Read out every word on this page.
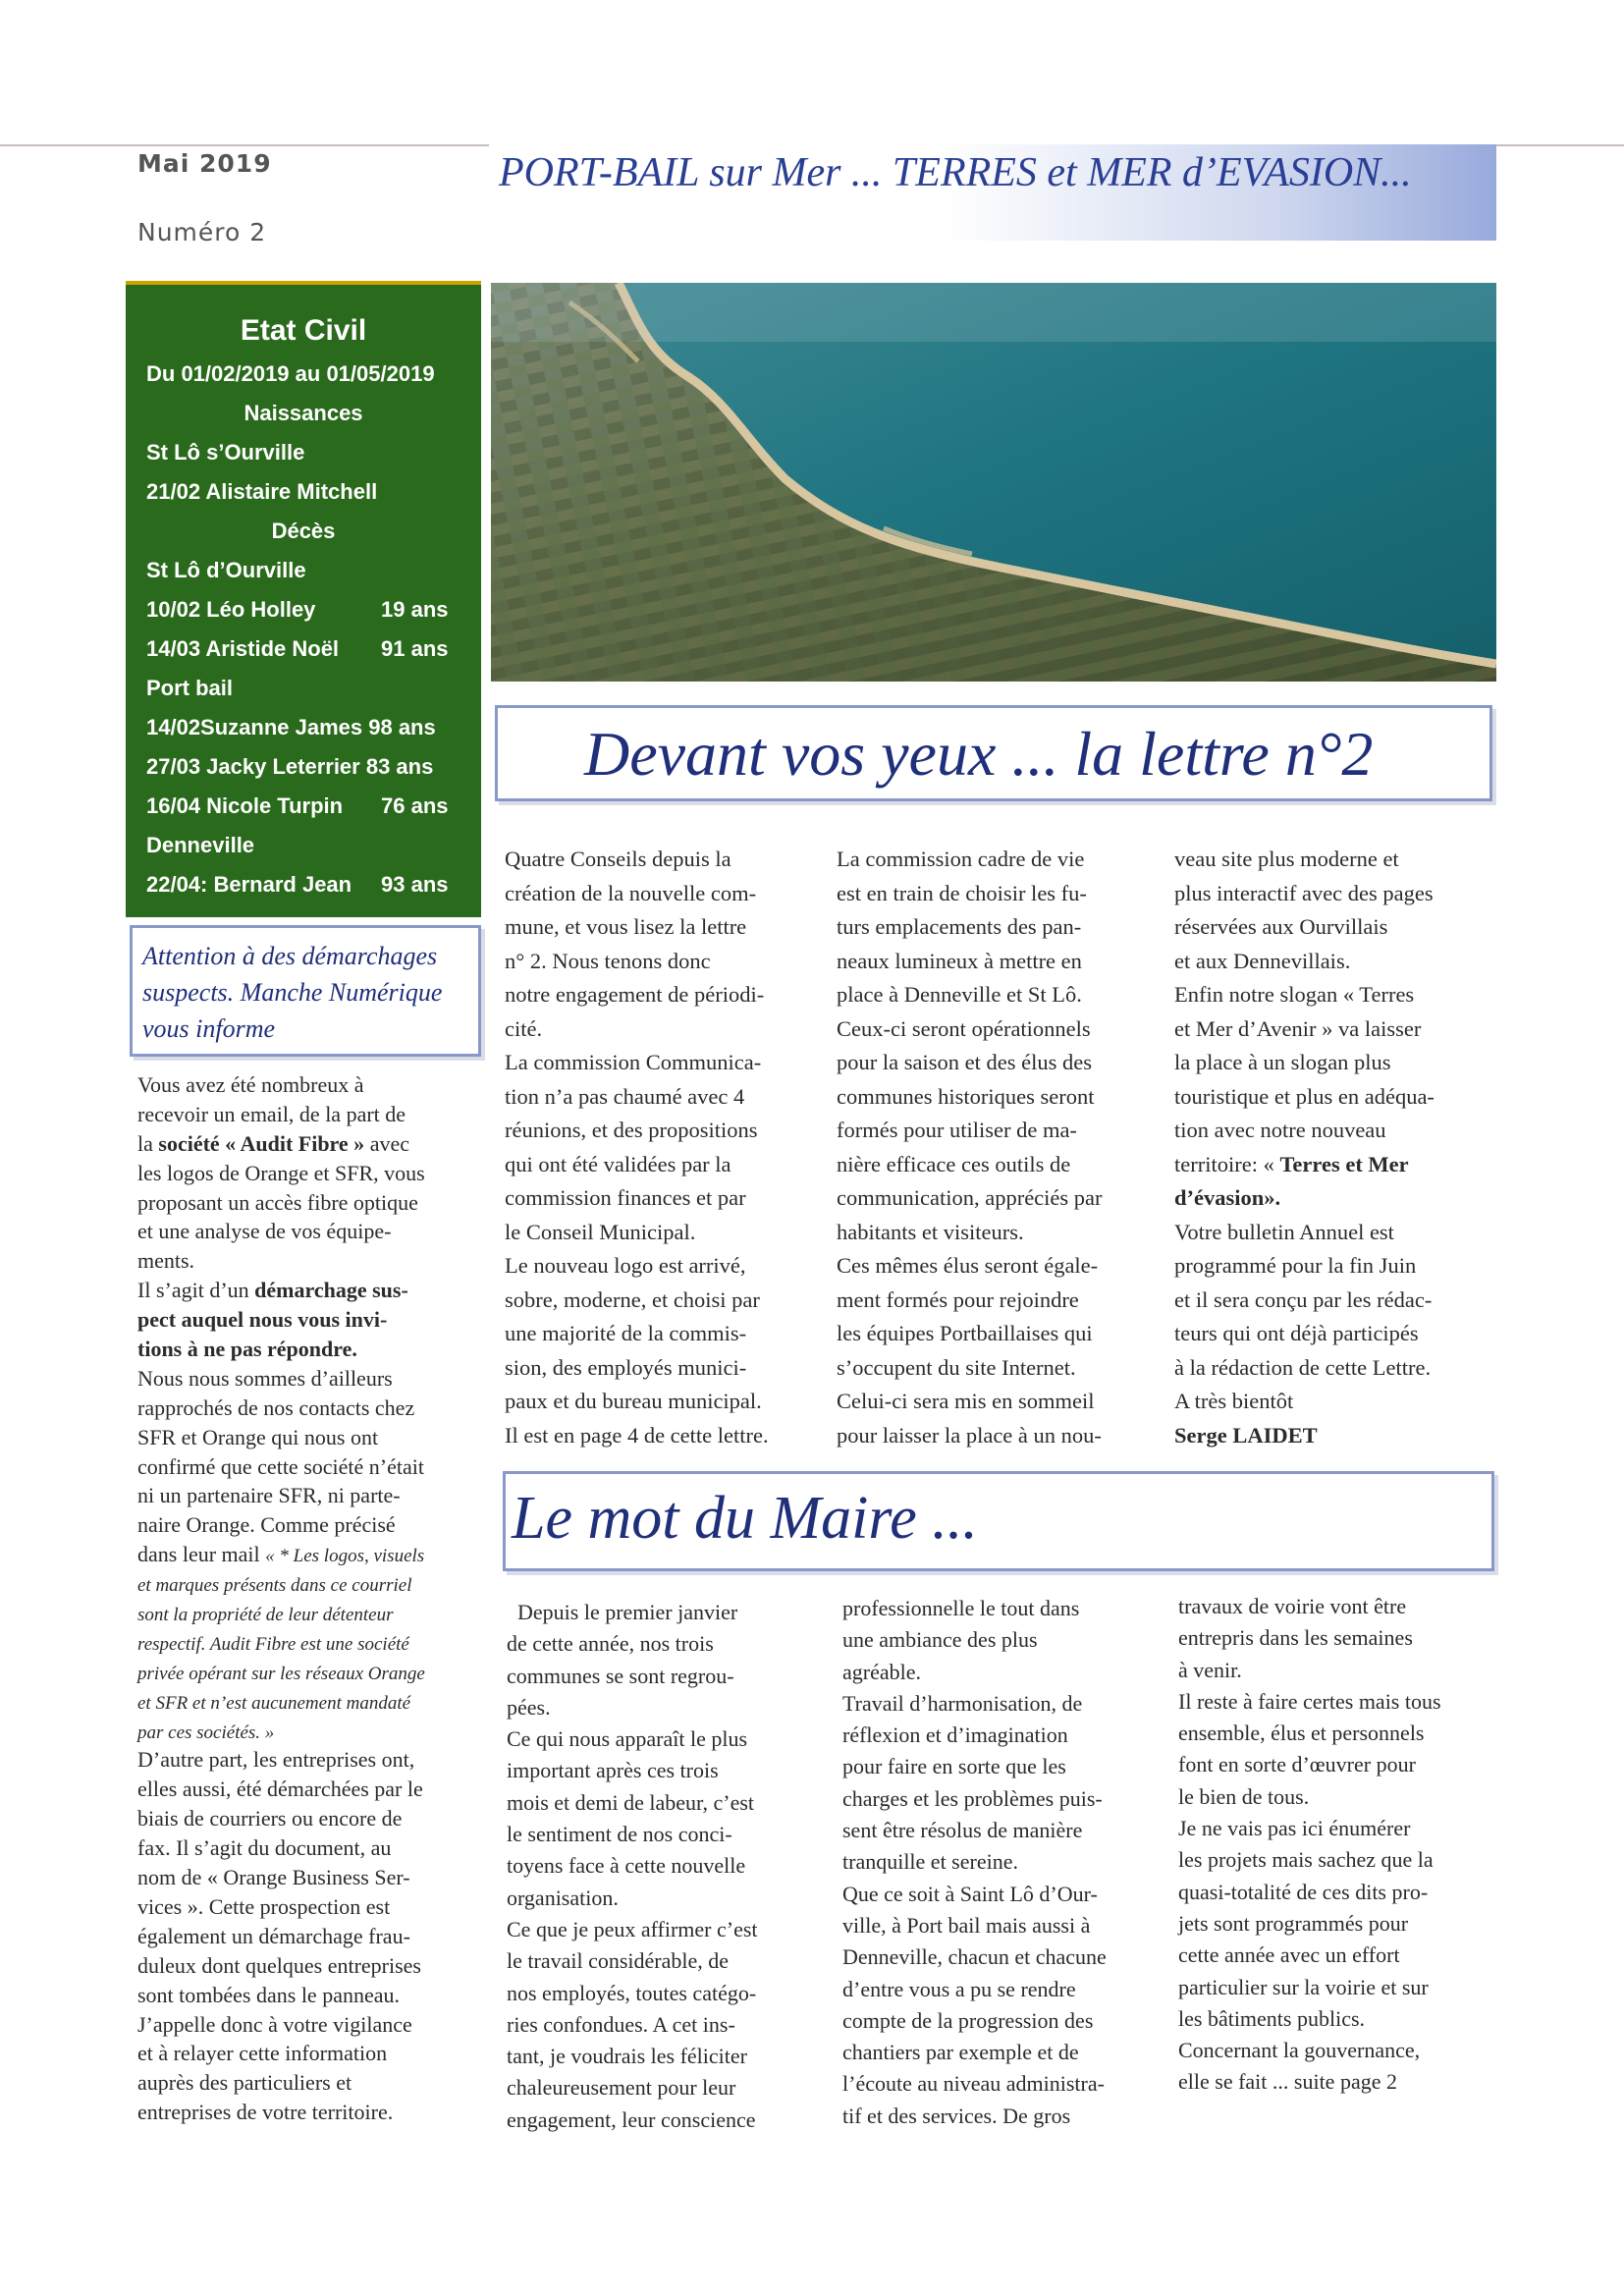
PORT-BAIL sur Mer ... TERRES et MER d’EVASION...
Mai 2019
Numéro 2
Etat Civil
Du 01/02/2019 au 01/05/2019
Naissances
St Lô s’Ourville
21/02 Alistaire Mitchell
Décès
St Lô d’Ourville
10/02 Léo Holley	19 ans
14/03 Aristide Noël 91 ans
Port bail
14/02Suzanne James 98 ans
27/03 Jacky Leterrier 83 ans
16/04 Nicole Turpin 76 ans
Denneville
22/04: Bernard Jean 93 ans
Devant vos yeux ... la lettre n°2
Quatre Conseils depuis la
création de la nouvelle com-
mune, et vous lisez la lettre
n° 2. Nous tenons donc
notre engagement de périodi-
cité.
La commission Communica-
tion n’a pas chaumé avec 4
réunions, et des propositions
qui ont été validées par la
commission finances et par
le Conseil Municipal.
Le nouveau logo est arrivé,
sobre, moderne, et choisi par
une majorité de la commis-
sion, des employés munici-
paux et du bureau municipal.
Il est en page 4 de cette lettre.
La commission cadre de vie
est en train de choisir les fu-
turs emplacements des pan-
neaux lumineux à mettre en
place à Denneville et St Lô.
Ceux-ci seront opérationnels
pour la saison et des élus des
communes historiques seront
formés pour utiliser de ma-
nière efficace ces outils de
communication, appréciés par
habitants et visiteurs.
Ces mêmes élus seront égale-
ment formés pour rejoindre
les équipes Portbaillaises qui
s’occupent du site Internet.
Celui-ci sera mis en sommeil
pour laisser la place à un nou-
veau site plus moderne et
plus interactif avec des pages
réservées aux Ourvillais
et aux Dennevillais.
Enfin notre slogan « Terres
et Mer d’Avenir » va laisser
la place à un slogan plus
touristique et plus en adéqua-
tion avec notre nouveau
territoire: « Terres et Mer
d’évasion».
Votre bulletin Annuel est
programmé pour la fin Juin
et il sera conçu par les rédac-
teurs qui ont déjà participés
à la rédaction de cette Lettre.
A très bientôt
Serge LAIDET
Attention à des démarchages suspects. Manche Numérique vous informe
Vous avez été nombreux à
recevoir un email, de la part de
la société « Audit Fibre » avec
les logos de Orange et SFR, vous
proposant un accès fibre optique
et une analyse de vos équipe-
ments.
Il s’agit d’un démarchage sus-
pect auquel nous vous invi-
tions à ne pas répondre.
Nous nous sommes d’ailleurs
rapprochés de nos contacts chez
SFR et Orange qui nous ont
confirmé que cette société n’était
ni un partenaire SFR, ni parte-
naire Orange. Comme précisé
dans leur mail « * Les logos, visuels
et marques présents dans ce courriel
sont la propriété de leur détenteur
respectif. Audit Fibre est une société
privée opérant sur les réseaux Orange
et SFR et n’est aucunement mandaté
par ces sociétés. »
D’autre part, les entreprises ont,
elles aussi, été démarchées par le
biais de courriers ou encore de
fax. Il s’agit du document, au
nom de « Orange Business Ser-
vices ». Cette prospection est
également un démarchage frau-
duleux dont quelques entreprises
sont tombées dans le panneau.
J’appelle donc à votre vigilance
et à relayer cette information
auprès des particuliers et
entreprises de votre territoire.
Le mot du Maire ...
Depuis le premier janvier
de cette année, nos trois
communes se sont regrou-
pées.
Ce qui nous apparaît le plus
important après ces trois
mois et demi de labeur, c’est
le sentiment de nos conci-
toyens face à cette nouvelle
organisation.
Ce que je peux affirmer c’est
le travail considérable, de
nos employés, toutes catégo-
ries confondues. A cet ins-
tant, je voudrais les féliciter
chaleureusement pour leur
engagement, leur conscience
professionnelle le tout dans
une ambiance des plus
agréable.
Travail d’harmonisation, de
réflexion et d’imagination
pour faire en sorte que les
charges et les problèmes puis-
sent être résolus de manière
tranquille et sereine.
Que ce soit à Saint Lô d’Our-
ville, à Port bail mais aussi à
Denneville, chacun et chacune
d’entre vous a pu se rendre
compte de la progression des
chantiers par exemple et de
l’écoute au niveau administra-
tif et des services. De gros
travaux de voirie vont être
entrepris dans les semaines
à venir.
Il reste à faire certes mais tous
ensemble, élus et personnels
font en sorte d’œuvrer pour
le bien de tous.
Je ne vais pas ici énumérer
les projets mais sachez que la
quasi-totalité de ces dits pro-
jets sont programmés pour
cette année avec un effort
particulier sur la voirie et sur
les bâtiments publics.
Concernant la gouvernance,
elle se fait ... suite page 2
